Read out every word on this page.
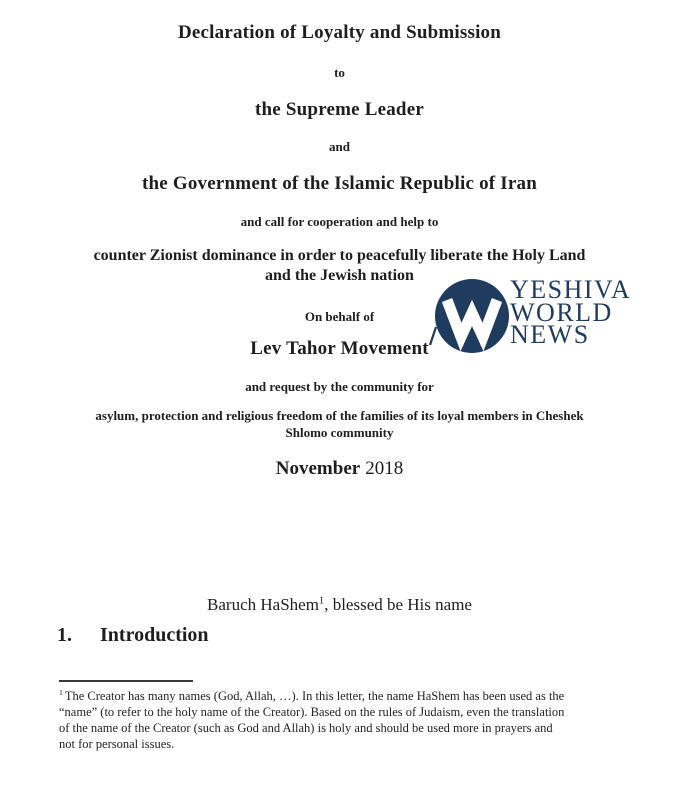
Declaration of Loyalty and Submission
to
the Supreme Leader
and
the Government of the Islamic Republic of Iran
and call for cooperation and help to
counter Zionist dominance in order to peacefully liberate the Holy Land
and the Jewish nation
On behalf of
Lev Tahor Movement
and request by the community for
asylum, protection and religious freedom of the families of its loyal members in Cheshek
Shlomo community
November 2018
YESHIVA
WORLD
NEWS
Baruch HaShem$^1$, blessed be His name
1. Introduction
$^1$ The Creator has many names (God, Allah, …). In this letter, the name HaShem has been used as the
“name” (to refer to the holy name of the Creator). Based on the rules of Judaism, even the translation
of the name of the Creator (such as God and Allah) is holy and should be used more in prayers and
not for personal issues.
